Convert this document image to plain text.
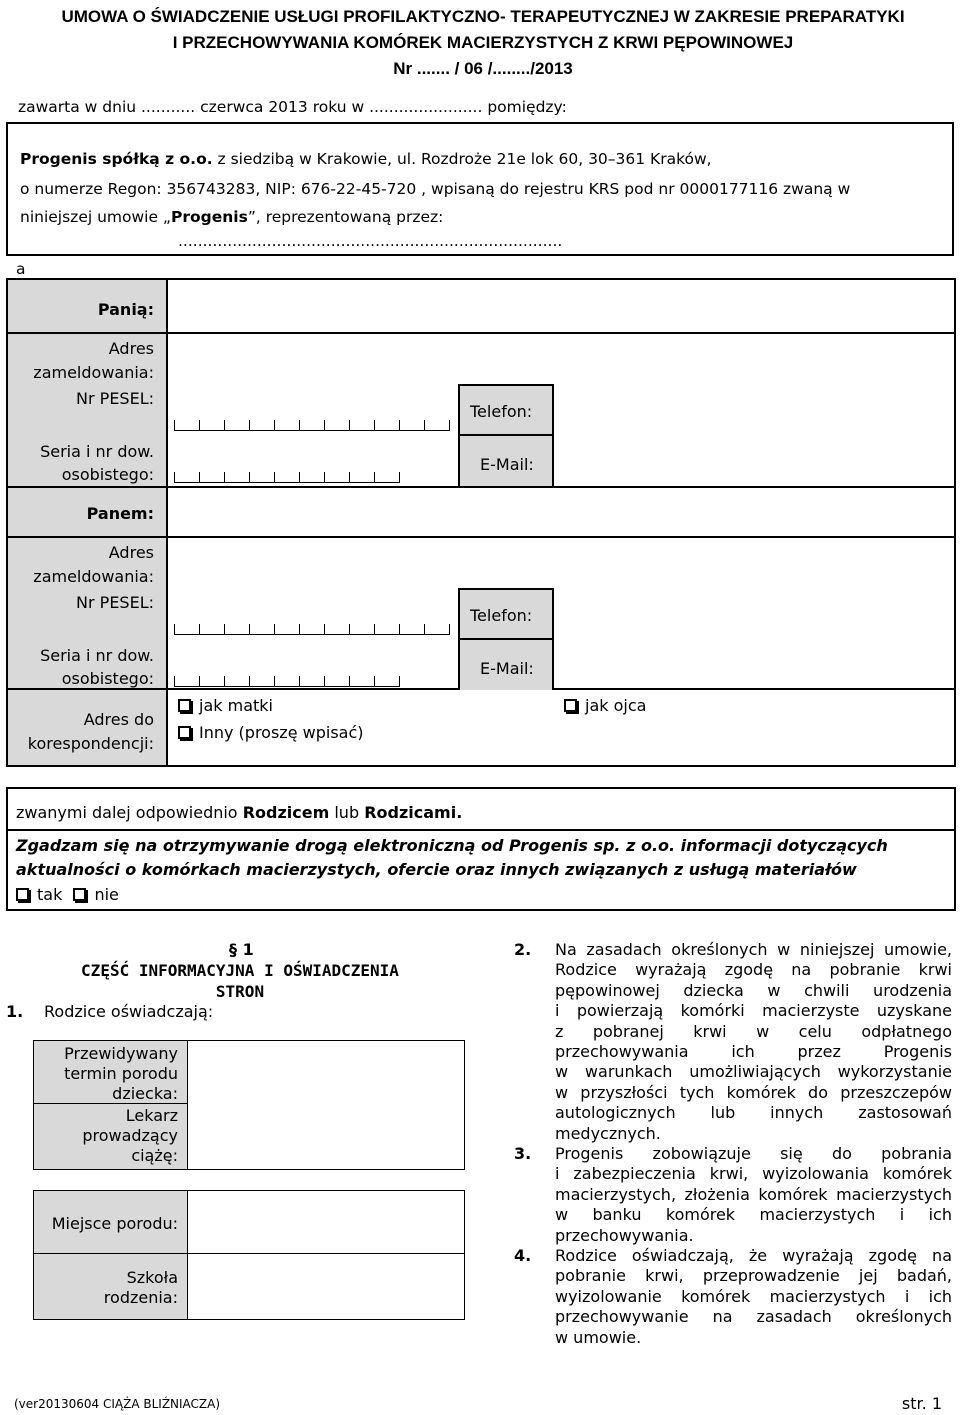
UMOWA O ŚWIADCZENIE USŁUGI PROFILAKTYCZNO- TERAPEUTYCZNEJ W ZAKRESIE PREPARATYKI
I PRZECHOWYWANIA KOMÓREK MACIERZYSTYCH Z KRWI PĘPOWINOWEJ
Nr ....... / 06 /......../2013
zawarta w dniu ........... czerwca 2013 roku w ....................... pomiędzy:
Progenis spółką z o.o. z siedzibą w Krakowie, ul. Rozdroże 21e lok 60, 30–361 Kraków,
o numerze Regon: 356743283, NIP: 676-22-45-720 , wpisaną do rejestru KRS pod nr 0000177116 zwaną w
niniejszej umowie „Progenis”, reprezentowaną przez:
..............................................................................
a
Panią:
Adres
zameldowania:
Nr PESEL:
Seria i nr dow.
osobistego:
Telefon:
E-Mail:
Panem:
Adres
zameldowania:
Nr PESEL:
Seria i nr dow.
osobistego:
Telefon:
E-Mail:
Adres do
korespondencji:
jak matki
Inny (proszę wpisać)
jak ojca
zwanymi dalej odpowiednio Rodzicem lub Rodzicami.
Zgadzam się na otrzymywanie drogą elektroniczną od Progenis sp. z o.o. informacji dotyczących
aktualności o komórkach macierzystych, ofercie oraz innych związanych z usługą materiałów
tak nie
§ 1
CZĘŚĆ INFORMACYJNA I OŚWIADCZENIA
STRON
1. Rodzice oświadczają:
Przewidywany
termin porodu
dziecka:
Lekarz
prowadzący
ciążę:
Miejsce porodu:
Szkoła
rodzenia:
2. Na zasadach określonych w niniejszej umowie,
Rodzice wyrażają zgodę na pobranie krwi
pępowinowej dziecka w chwili urodzenia
i powierzają komórki macierzyste uzyskane
z pobranej krwi w celu odpłatnego
przechowywania ich przez Progenis
w warunkach umożliwiających wykorzystanie
w przyszłości tych komórek do przeszczepów
autologicznych lub innych zastosowań
medycznych.
3. Progenis zobowiązuje się do pobrania
i zabezpieczenia krwi, wyizolowania komórek
macierzystych, złożenia komórek macierzystych
w banku komórek macierzystych i ich
przechowywania.
4. Rodzice oświadczają, że wyrażają zgodę na
pobranie krwi, przeprowadzenie jej badań,
wyizolowanie komórek macierzystych i ich
przechowywanie na zasadach określonych
w umowie.
(ver20130604 CIĄŻA BLIŹNIACZA)	str. 1
